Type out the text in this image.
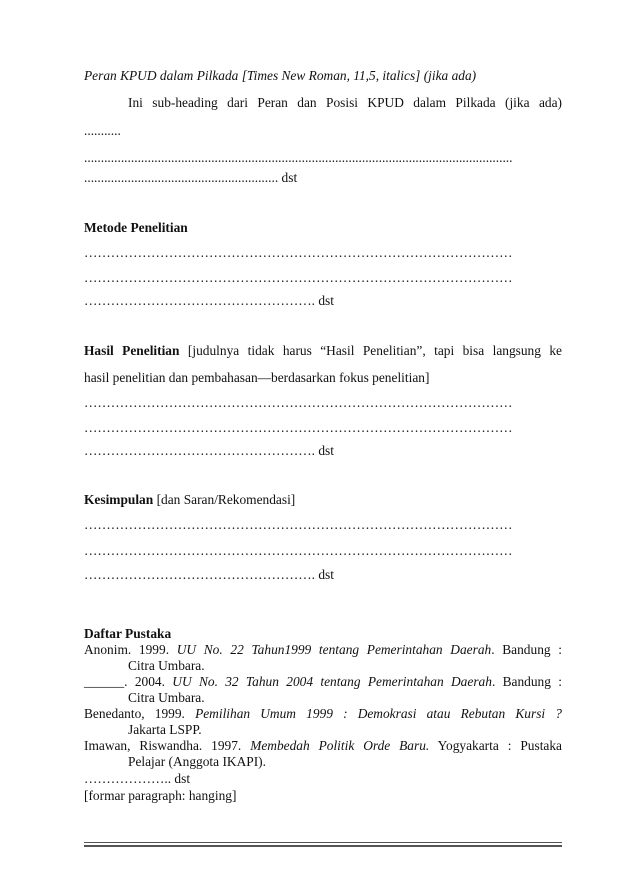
Peran KPUD dalam Pilkada [Times New Roman, 11,5, italics] (jika ada)
Ini sub-heading dari Peran dan Posisi KPUD dalam Pilkada (jika ada)
...........
................................................................................................................................
.......................................................... dst
Metode Penelitian
……………………………………………………………………………………
……………………………………………………………………………………
……………………………………………. dst
Hasil Penelitian [judulnya tidak harus “Hasil Penelitian”, tapi bisa langsung ke
hasil penelitian dan pembahasan—berdasarkan fokus penelitian]
……………………………………………………………………………………
……………………………………………………………………………………
……………………………………………. dst
Kesimpulan [dan Saran/Rekomendasi]
……………………………………………………………………………………
……………………………………………………………………………………
……………………………………………. dst
Daftar Pustaka
Anonim. 1999. UU No. 22 Tahun1999 tentang Pemerintahan Daerah. Bandung :
Citra Umbara.
______. 2004. UU No. 32 Tahun 2004 tentang Pemerintahan Daerah. Bandung :
Citra Umbara.
Benedanto, 1999. Pemilihan Umum 1999 : Demokrasi atau Rebutan Kursi ?
Jakarta LSPP.
Imawan, Riswandha. 1997. Membedah Politik Orde Baru. Yogyakarta : Pustaka
Pelajar (Anggota IKAPI).
……………….. dst
[formar paragraph: hanging]
